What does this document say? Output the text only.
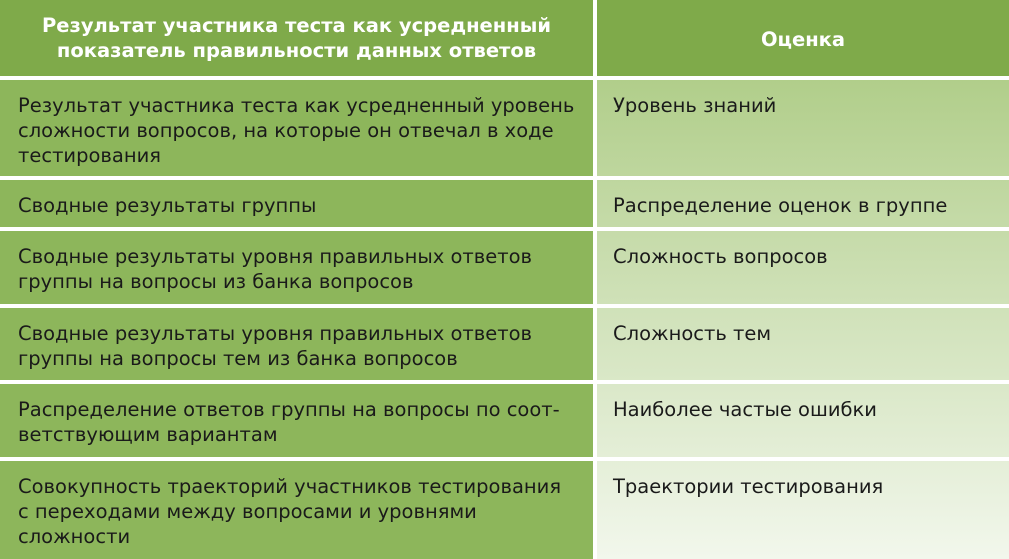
Результат участника теста как усредненный
показатель правильности данных ответов	Оценка
Результат участника теста как усредненный уровень
сложности вопросов, на которые он отвечал в ходе
тестирования
Уровень знаний
Сводные результаты группы	Распределение оценок в группе
Сводные результаты уровня правильных ответов
группы на вопросы из банка вопросов
Сложность вопросов
Сводные результаты уровня правильных ответов
группы на вопросы тем из банка вопросов
Сложность тем
Распределение ответов группы на вопросы по соот-
ветствующим вариантам
Наиболее частые ошибки
Совокупность траекторий участников тестирования
с переходами между вопросами и уровнями
сложности
Траектории тестирования
